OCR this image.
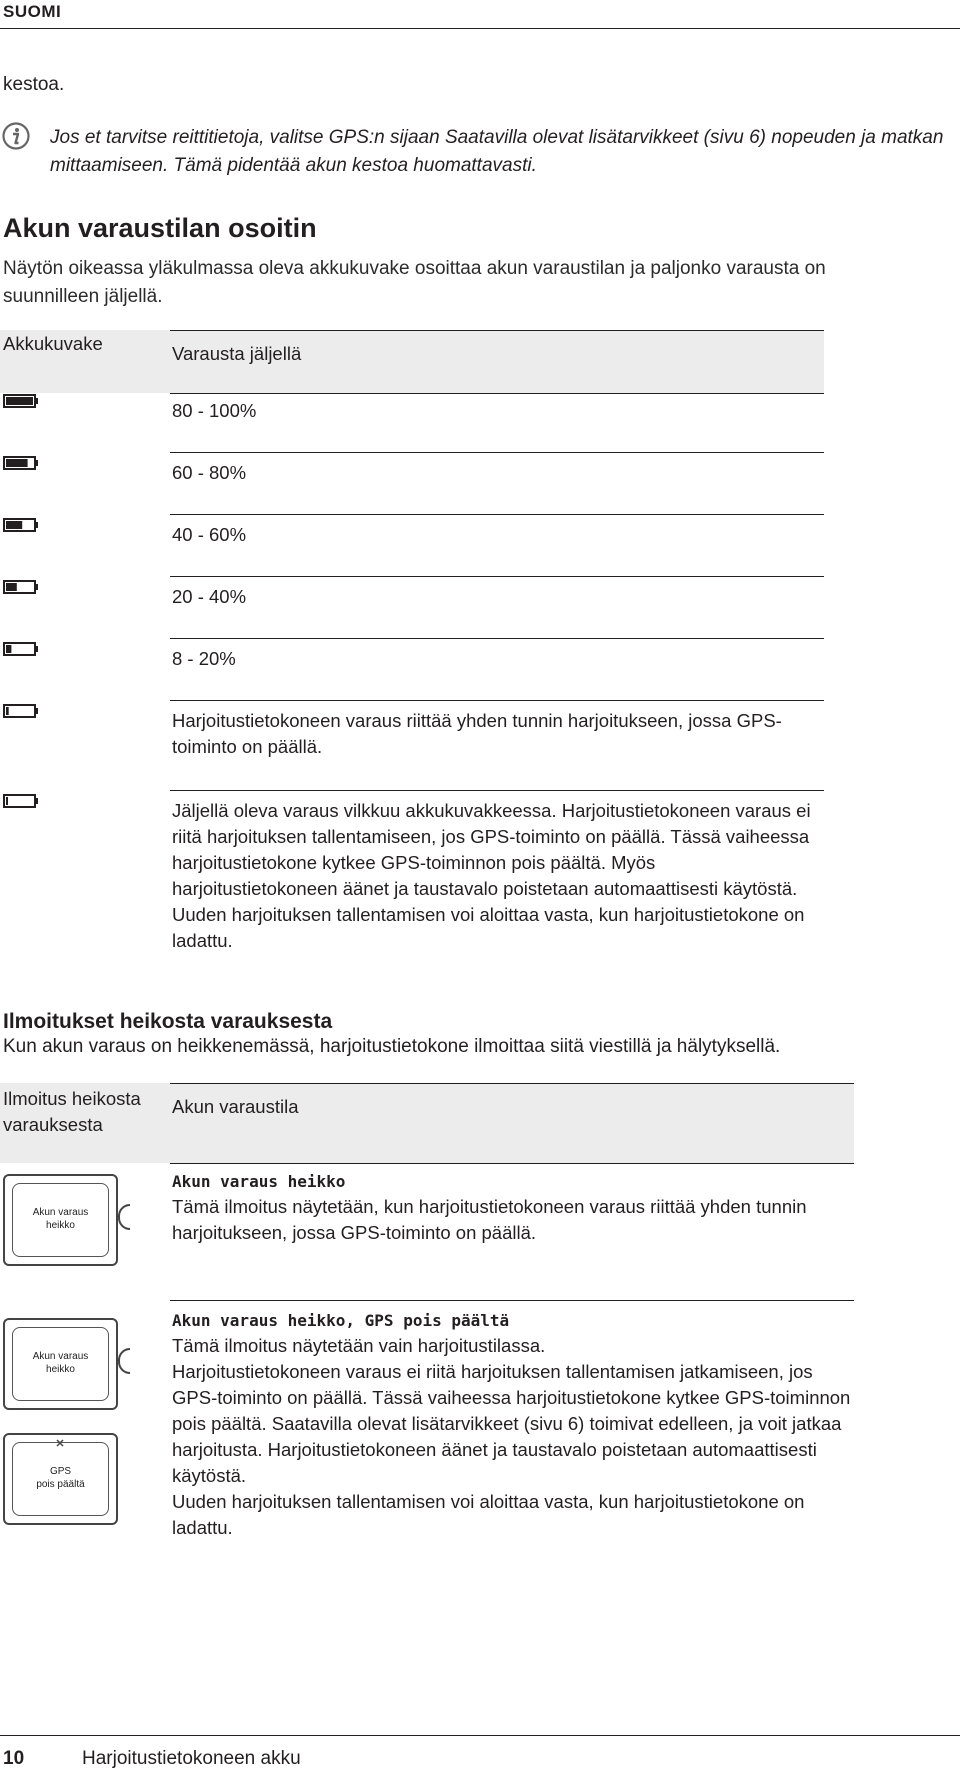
SUOMI
kestoa.
Jos et tarvitse reittitietoja, valitse GPS:n sijaan Saatavilla olevat lisätarvikkeet (sivu 6) nopeuden ja matkan mittaamiseen. Tämä pidentää akun kestoa huomattavasti.
Akun varaustilan osoitin
Näytön oikeassa yläkulmassa oleva akkukuvake osoittaa akun varaustilan ja paljonko varausta on suunnilleen jäljellä.
Akkukuvake	Varausta jäljellä
80 - 100%
60 - 80%
40 - 60%
20 - 40%
8 - 20%
Harjoitustietokoneen varaus riittää yhden tunnin harjoitukseen, jossa GPS-toiminto on päällä.
Jäljellä oleva varaus vilkkuu akkukuvakkeessa. Harjoitustietokoneen varaus ei riitä harjoituksen tallentamiseen, jos GPS-toiminto on päällä. Tässä vaiheessa harjoitustietokone kytkee GPS-toiminnon pois päältä. Myös harjoitustietokoneen äänet ja taustavalo poistetaan automaattisesti käytöstä.
Uuden harjoituksen tallentamisen voi aloittaa vasta, kun harjoitustietokone on ladattu.
Ilmoitukset heikosta varauksesta
Kun akun varaus on heikkenemässä, harjoitustietokone ilmoittaa siitä viestillä ja hälytyksellä.
Ilmoitus heikosta varauksesta
Akun varaustila
Akun varaus
heikko
Akun varaus heikko
Tämä ilmoitus näytetään, kun harjoitustietokoneen varaus riittää yhden tunnin harjoitukseen, jossa GPS-toiminto on päällä.
Akun varaus
heikko
GPS
pois päältä
Akun varaus heikko, GPS pois päältä
Tämä ilmoitus näytetään vain harjoitustilassa.
Harjoitustietokoneen varaus ei riitä harjoituksen tallentamisen jatkamiseen, jos GPS-toiminto on päällä. Tässä vaiheessa harjoitustietokone kytkee GPS-toiminnon pois päältä. Saatavilla olevat lisätarvikkeet (sivu 6) toimivat edelleen, ja voit jatkaa harjoitusta. Harjoitustietokoneen äänet ja taustavalo poistetaan automaattisesti käytöstä.
Uuden harjoituksen tallentamisen voi aloittaa vasta, kun harjoitustietokone on ladattu.
10	Harjoitustietokoneen akku
